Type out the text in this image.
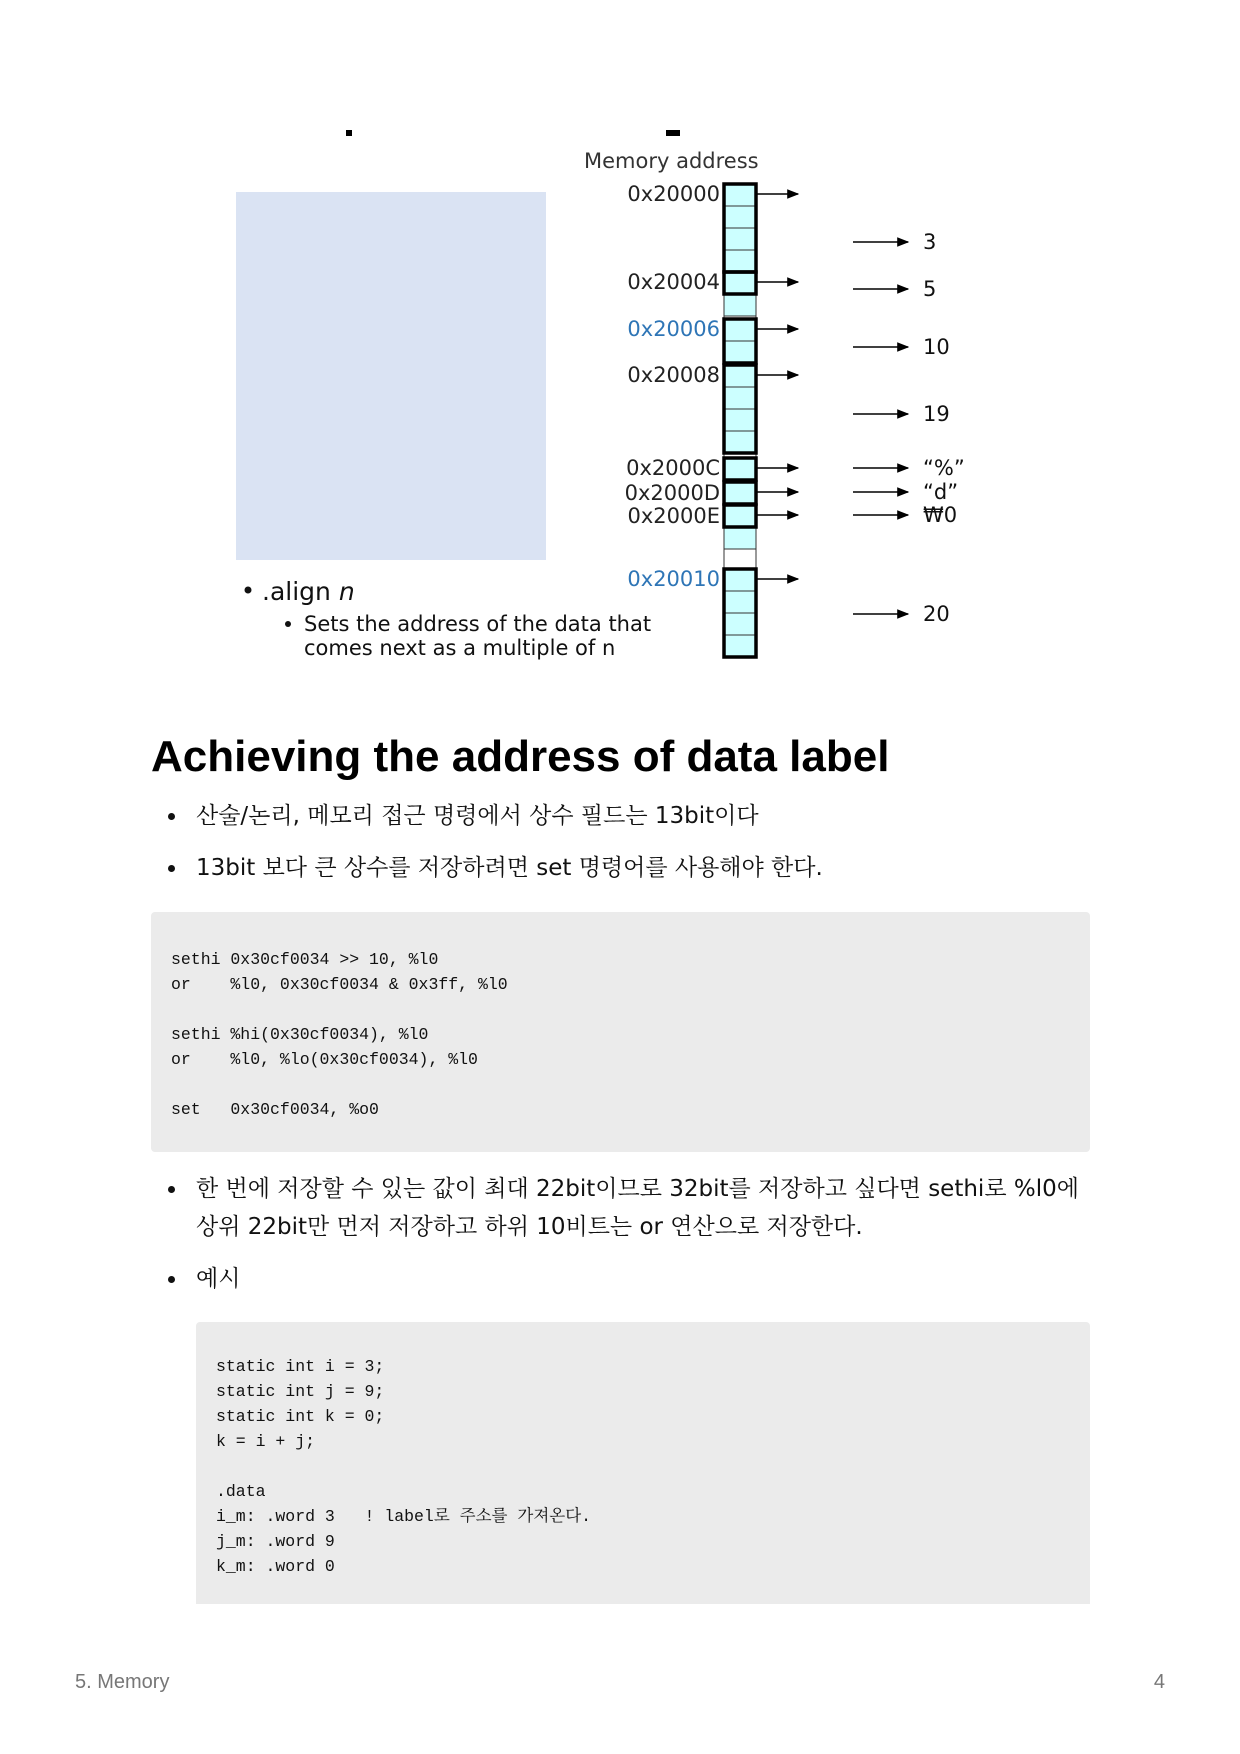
Memory address
0x20000
0x20004
0x20006
0x20008
0x2000C
0x2000D
0x2000E
0x20010
3
5
10
19
“%”
“d”
₩0
20
.align n
Sets the address of the data that
comes next as a multiple of n
Achieving the address of data label
산술/논리, 메모리 접근 명령에서 상수 필드는 13bit이다
13bit 보다 큰 상수를 저장하려면 set 명령어를 사용해야 한다.
sethi 0x30cf0034 >> 10, %l0
or    %l0, 0x30cf0034 & 0x3ff, %l0

sethi %hi(0x30cf0034), %l0
or    %l0, %lo(0x30cf0034), %l0

set   0x30cf0034, %o0
한 번에 저장할 수 있는 값이 최대 22bit이므로 32bit를 저장하고 싶다면 sethi로 %l0에 상위 22bit만 먼저 저장하고 하위 10비트는 or 연산으로 저장한다.
예시
static int i = 3;
static int j = 9;
static int k = 0;
k = i + j;

.data
i_m: .word 3   ! label로 주소를 가져온다.
j_m: .word 9
k_m: .word 0
5. Memory	4
